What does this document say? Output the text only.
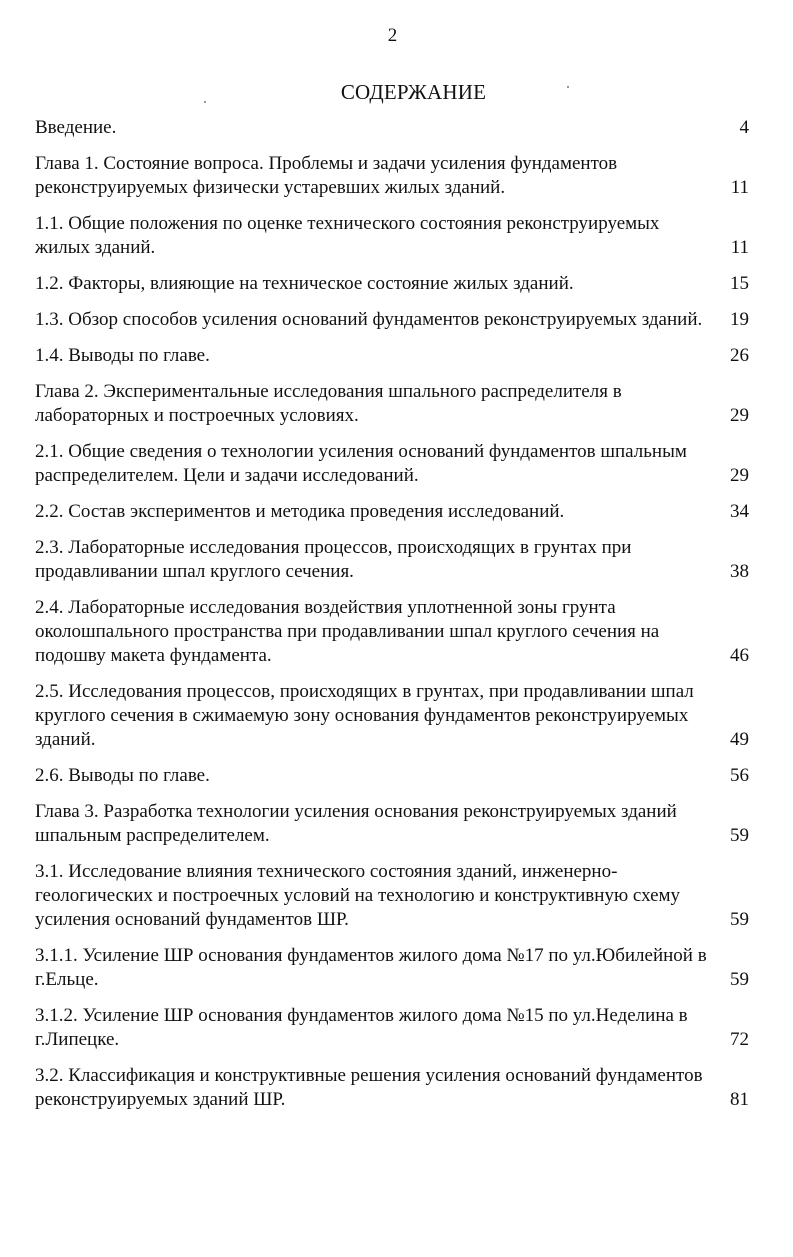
2
СОДЕРЖАНИЕ
Введение.	4
Глава 1. Состояние вопроса. Проблемы и задачи усиления фундаментов реконструируемых физически устаревших жилых зданий.	11
1.1. Общие положения по оценке технического состояния реконструируемых жилых зданий.	11
1.2. Факторы, влияющие на техническое состояние жилых зданий.	15
1.3. Обзор способов усиления оснований фундаментов реконструируемых зданий. 19
1.4. Выводы по главе.	26
Глава 2. Экспериментальные исследования шпального распределителя в лабораторных и построечных условиях.	29
2.1. Общие сведения о технологии усиления оснований фундаментов шпальным распределителем. Цели и задачи исследований.	29
2.2. Состав экспериментов и методика проведения исследований.	34
2.3. Лабораторные исследования процессов, происходящих в грунтах при продавливании шпал круглого сечения.	38
2.4. Лабораторные исследования воздействия уплотненной зоны грунта околошпального пространства при продавливании шпал круглого сечения на подошву макета фундамента.	46
2.5. Исследования процессов, происходящих в грунтах, при продавливании шпал круглого сечения в сжимаемую зону основания фундаментов реконструируемых зданий.	49
2.6. Выводы по главе.	56
Глава 3. Разработка технологии усиления основания реконструируемых зданий шпальным распределителем.	59
3.1. Исследование влияния технического состояния зданий, инженерно-геологических и построечных условий на технологию и конструктивную схему усиления оснований фундаментов ШР.	59
3.1.1. Усиление ШР основания фундаментов жилого дома №17 по ул.Юбилейной в г.Ельце.	59
3.1.2. Усиление ШР основания фундаментов жилого дома №15 по ул.Неделина в г.Липецке.	72
3.2. Классификация и конструктивные решения усиления оснований фундаментов реконструируемых зданий ШР.	81
